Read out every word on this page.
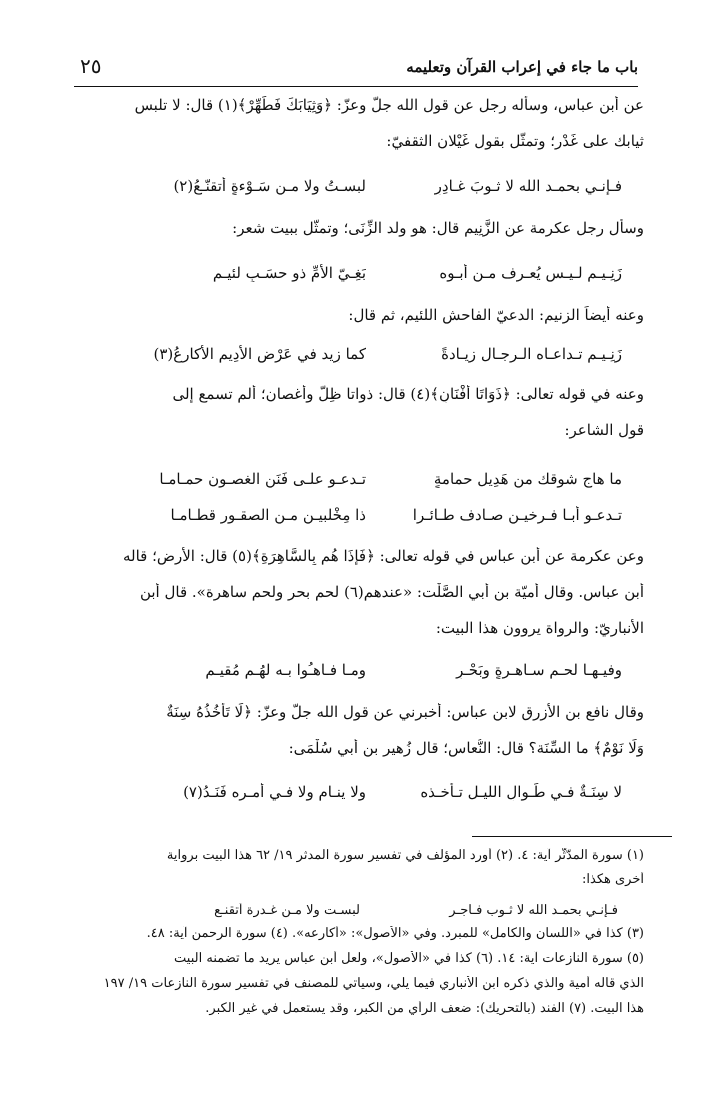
باب ما جاء في إعراب القرآن وتعليمه
٢٥
عن أبن عباس، وسأله رجل عن قول الله جلّ وعزّ: ﴿وَثِيَابَكَ فَطَهِّرْ﴾(١) قال: لا تلبس
ثيابك على غَدْر؛ وتمثّل بقول غَيْلان الثقفيّ:
فـإنـي بحمـد الله لا ثـوبَ غـادِرٍ
لبسـتُ ولا مـن سَـوْءةٍ أتقنّـعُ(٢)
وسأل رجل عكرمة عن الزَّنِيم قال: هو ولد الزِّنَى؛ وتمثّل ببيت شعر:
زَنِـيـم لـيـس يُعـرف مـن أبـوه
بَغِـيّ الأمِّ ذو حسَـبٍ لئيـم
وعنه أيضاً الزنيم: الدعيّ الفاحش اللئيم، ثم قال:
زَنِـيـم تـداعـاه الـرجـال زيـادةً
كما زِيد في عَرْض الأدِيم الأكارعُ(٣)
وعنه في قوله تعالى: ﴿ذَوَاتَا أَفْنَانٍ﴾(٤) قال: ذواتا ظِلّ وأغصان؛ ألم تسمع إلى
قول الشاعر:
ما هاج شوقك من هَدِيل حمامةٍ
تـدعـو علـى فَنَنِ الغصـون حمـامـا
تـدعـو أبـا فـرخيـنِ صـادف طـائـرا
ذا مِخْلبيـن مـن الصقـور قطـامـا
وعن عكرمة عن أبن عباس في قوله تعالى: ﴿فَإِذَا هُم بِالسَّاهِرَةِ﴾(٥) قال: الأرض؛ قاله
أبن عباس. وقال أُميّة بن أبي الصَّلْت: «عندهم(٦) لحم بحر ولحم ساهرة». قال أبن
الأنباريّ: والرواة يروون هذا البيت:
وفيـهـا لحـم سـاهـرةٍ وبَحْـرٍ
ومـا فـاهـُوا بـه لهُـم مُقيـم
وقال نافع بن الأزرق لابن عباس: أخبرني عن قول الله جلّ وعزّ: ﴿لَا تَأْخُذُهُ سِنَةٌ
وَلَا نَوْمٌ﴾ ما السِّنَة؟ قال: النُّعاس؛ قال زُهير بن أبي سُلْمَى:
لا سِنَـةٌ فـي طَـوالِ الليـل تـأخـذه
ولا ينـام ولا فـي أمـره فَنَـدُ(٧)
(١) سورة المدّثّر آية: ٤. (٢) أورد المؤلف في تفسير سورة المدثر ١٩/ ٦٢ هذا البيت برواية
أخرى هكذا:
فـإنـي بحمـد الله لا ثـوب فـاجـر
لبسـت ولا مـن غـدرة أتقنـع
(٣) كذا في «اللسان والكامل» للمبرد. وفي «الأصول»: «أكارعه». (٤) سورة الرحمن آية: ٤٨.
(٥) سورة النازعات آية: ١٤. (٦) كذا في «الأصول»، ولعل أبن عباس يريد ما تضمنه البيت
الذي قاله أمية والذي ذكره ابن الأنباري فيما يلي، وسيأتي للمصنف في تفسير سورة النازعات ١٩/ ١٩٧
هذا البيت. (٧) الفند (بالتحريك): ضعف الرأي من الكبر، وقد يستعمل في غير الكبر.
